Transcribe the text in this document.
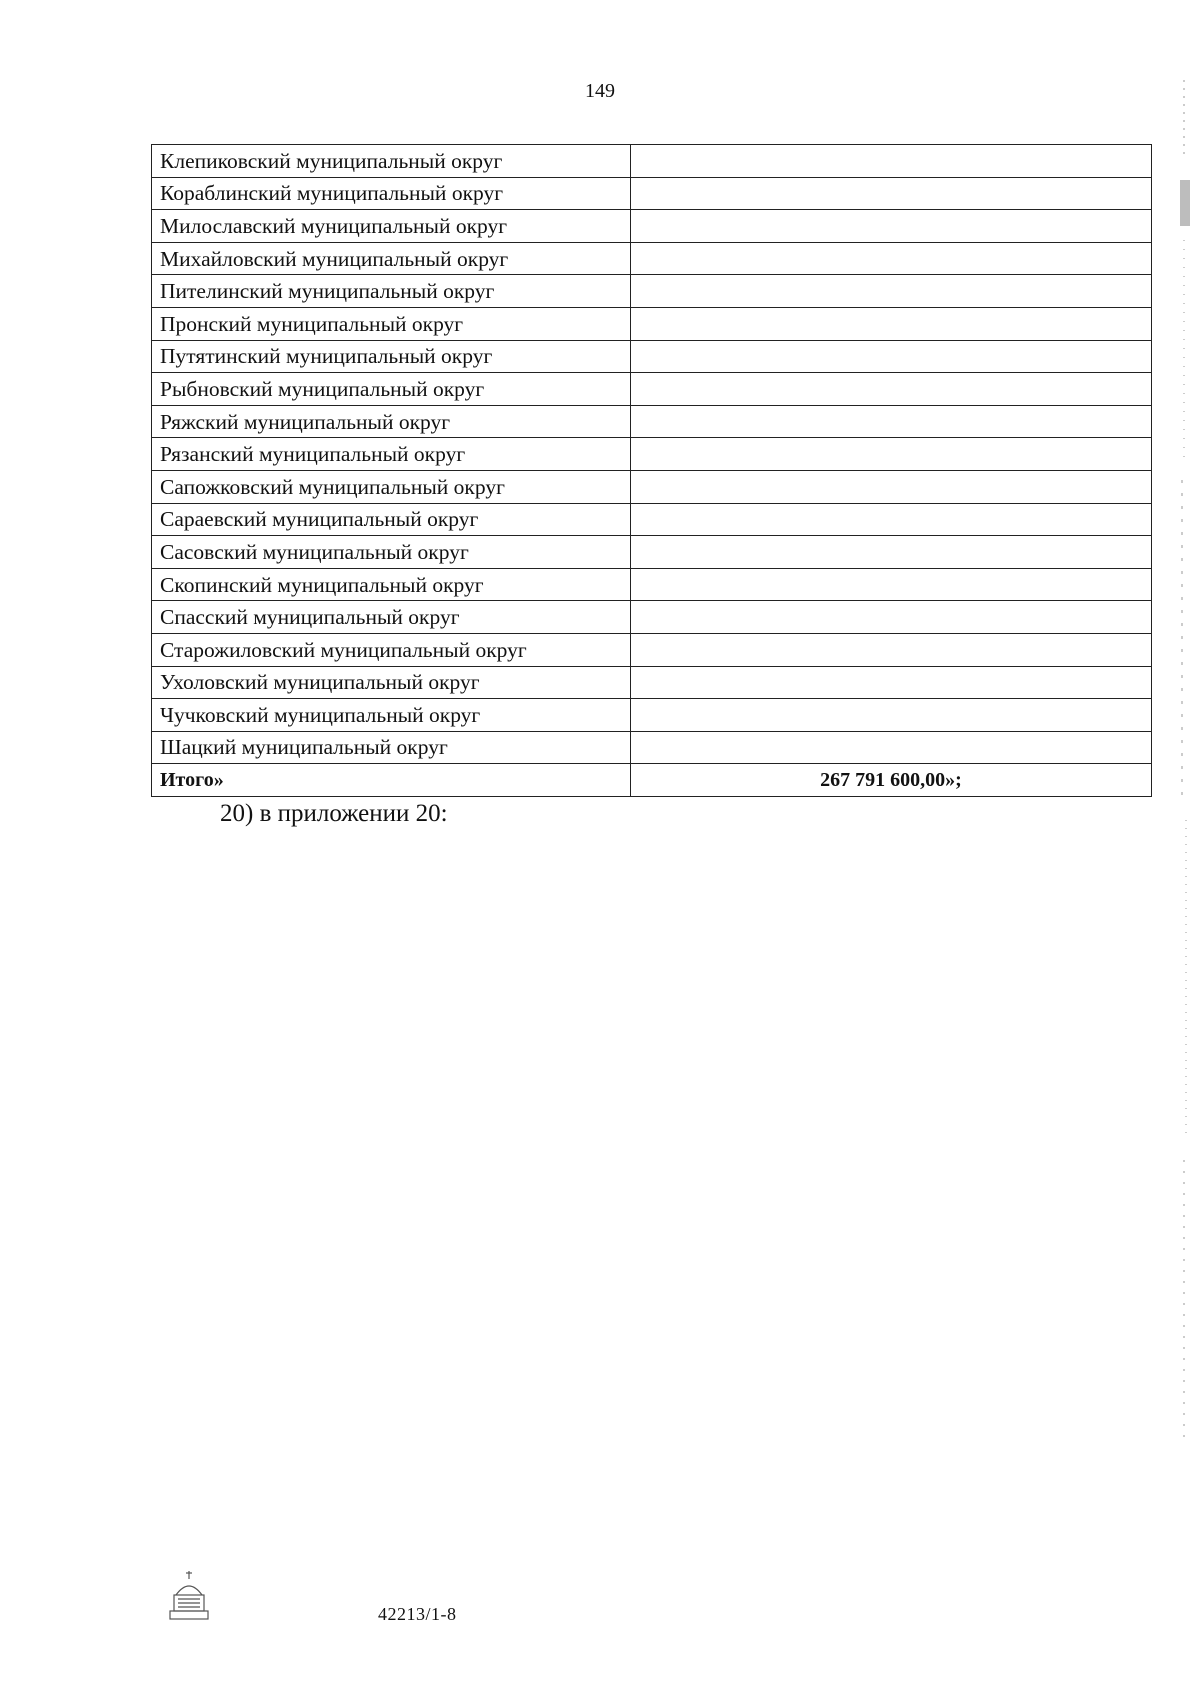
149
Клепиковский муниципальный округ	
Кораблинский муниципальный округ	
Милославский муниципальный округ	
Михайловский муниципальный округ	
Пителинский муниципальный округ	
Пронский муниципальный округ	
Путятинский муниципальный округ	
Рыбновский муниципальный округ	
Ряжский муниципальный округ	
Рязанский муниципальный округ	
Сапожковский муниципальный округ	
Сараевский муниципальный округ	
Сасовский муниципальный округ	
Скопинский муниципальный округ	
Спасский муниципальный округ	
Старожиловский муниципальный округ	
Ухоловский муниципальный округ	
Чучковский муниципальный округ	
Шацкий муниципальный округ	
Итого»	267 791 600,00»;
20) в приложении 20:
42213/1-8
